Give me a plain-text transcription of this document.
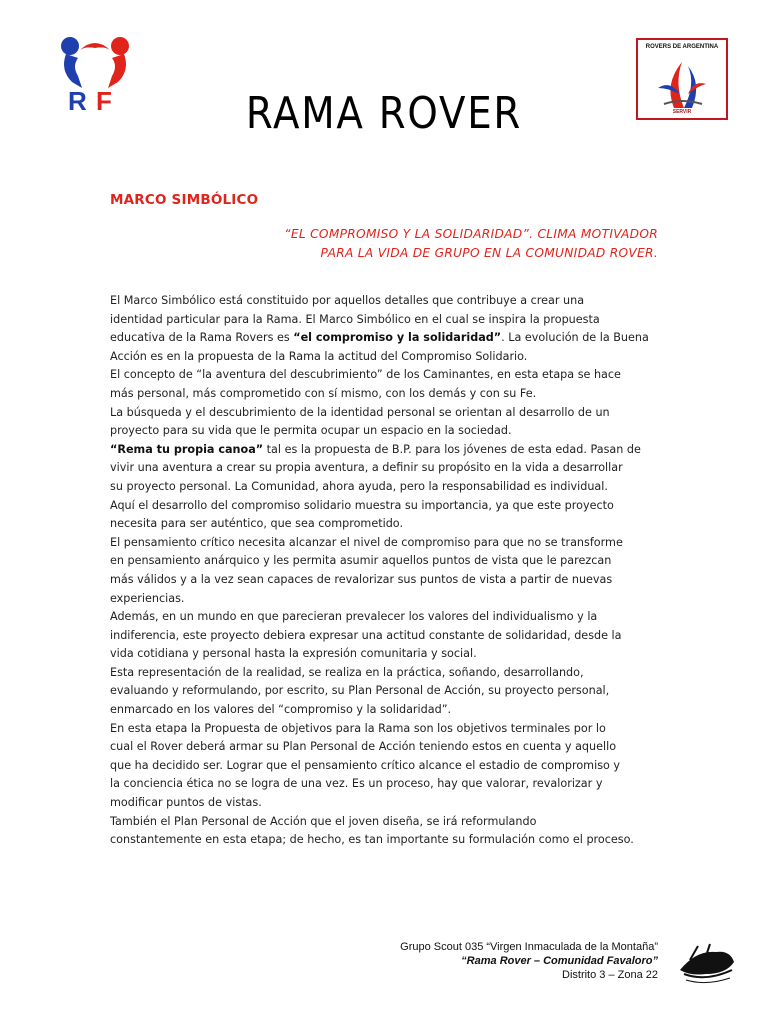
R F
ROVERS DE ARGENTINA
SERVIR
RAMA ROVER
MARCO SIMBÓLICO
“EL COMPROMISO Y LA SOLIDARIDAD”. CLIMA MOTIVADOR
PARA LA VIDA DE GRUPO EN LA COMUNIDAD ROVER.
El Marco Simbólico está constituido por aquellos detalles que contribuye a crear una
identidad particular para la Rama. El Marco Simbólico en el cual se inspira la propuesta
educativa de la Rama Rovers es “el compromiso y la solidaridad”. La evolución de la Buena
Acción es en la propuesta de la Rama la actitud del Compromiso Solidario.
El concepto de “la aventura del descubrimiento” de los Caminantes, en esta etapa se hace
más personal, más comprometido con sí mismo, con los demás y con su Fe.
La búsqueda y el descubrimiento de la identidad personal se orientan al desarrollo de un
proyecto para su vida que le permita ocupar un espacio en la sociedad.
“Rema tu propia canoa” tal es la propuesta de B.P. para los jóvenes de esta edad. Pasan de
vivir una aventura a crear su propia aventura, a definir su propósito en la vida a desarrollar
su proyecto personal. La Comunidad, ahora ayuda, pero la responsabilidad es individual.
Aquí el desarrollo del compromiso solidario muestra su importancia, ya que este proyecto
necesita para ser auténtico, que sea comprometido.
El pensamiento crítico necesita alcanzar el nivel de compromiso para que no se transforme
en pensamiento anárquico y les permita asumir aquellos puntos de vista que le parezcan
más válidos y a la vez sean capaces de revalorizar sus puntos de vista a partir de nuevas
experiencias.
Además, en un mundo en que parecieran prevalecer los valores del individualismo y la
indiferencia, este proyecto debiera expresar una actitud constante de solidaridad, desde la
vida cotidiana y personal hasta la expresión comunitaria y social.
Esta representación de la realidad, se realiza en la práctica, soñando, desarrollando,
evaluando y reformulando, por escrito, su Plan Personal de Acción, su proyecto personal,
enmarcado en los valores del “compromiso y la solidaridad”.
En esta etapa la Propuesta de objetivos para la Rama son los objetivos terminales por lo
cual el Rover deberá armar su Plan Personal de Acción teniendo estos en cuenta y aquello
que ha decidido ser. Lograr que el pensamiento crítico alcance el estadio de compromiso y
la conciencia ética no se logra de una vez. Es un proceso, hay que valorar, revalorizar y
modificar puntos de vistas.
También el Plan Personal de Acción que el joven diseña, se irá reformulando
constantemente en esta etapa; de hecho, es tan importante su formulación como el proceso.
Grupo Scout 035 “Virgen Inmaculada de la Montaña”
“Rama Rover – Comunidad Favaloro”
Distrito 3 – Zona 22
